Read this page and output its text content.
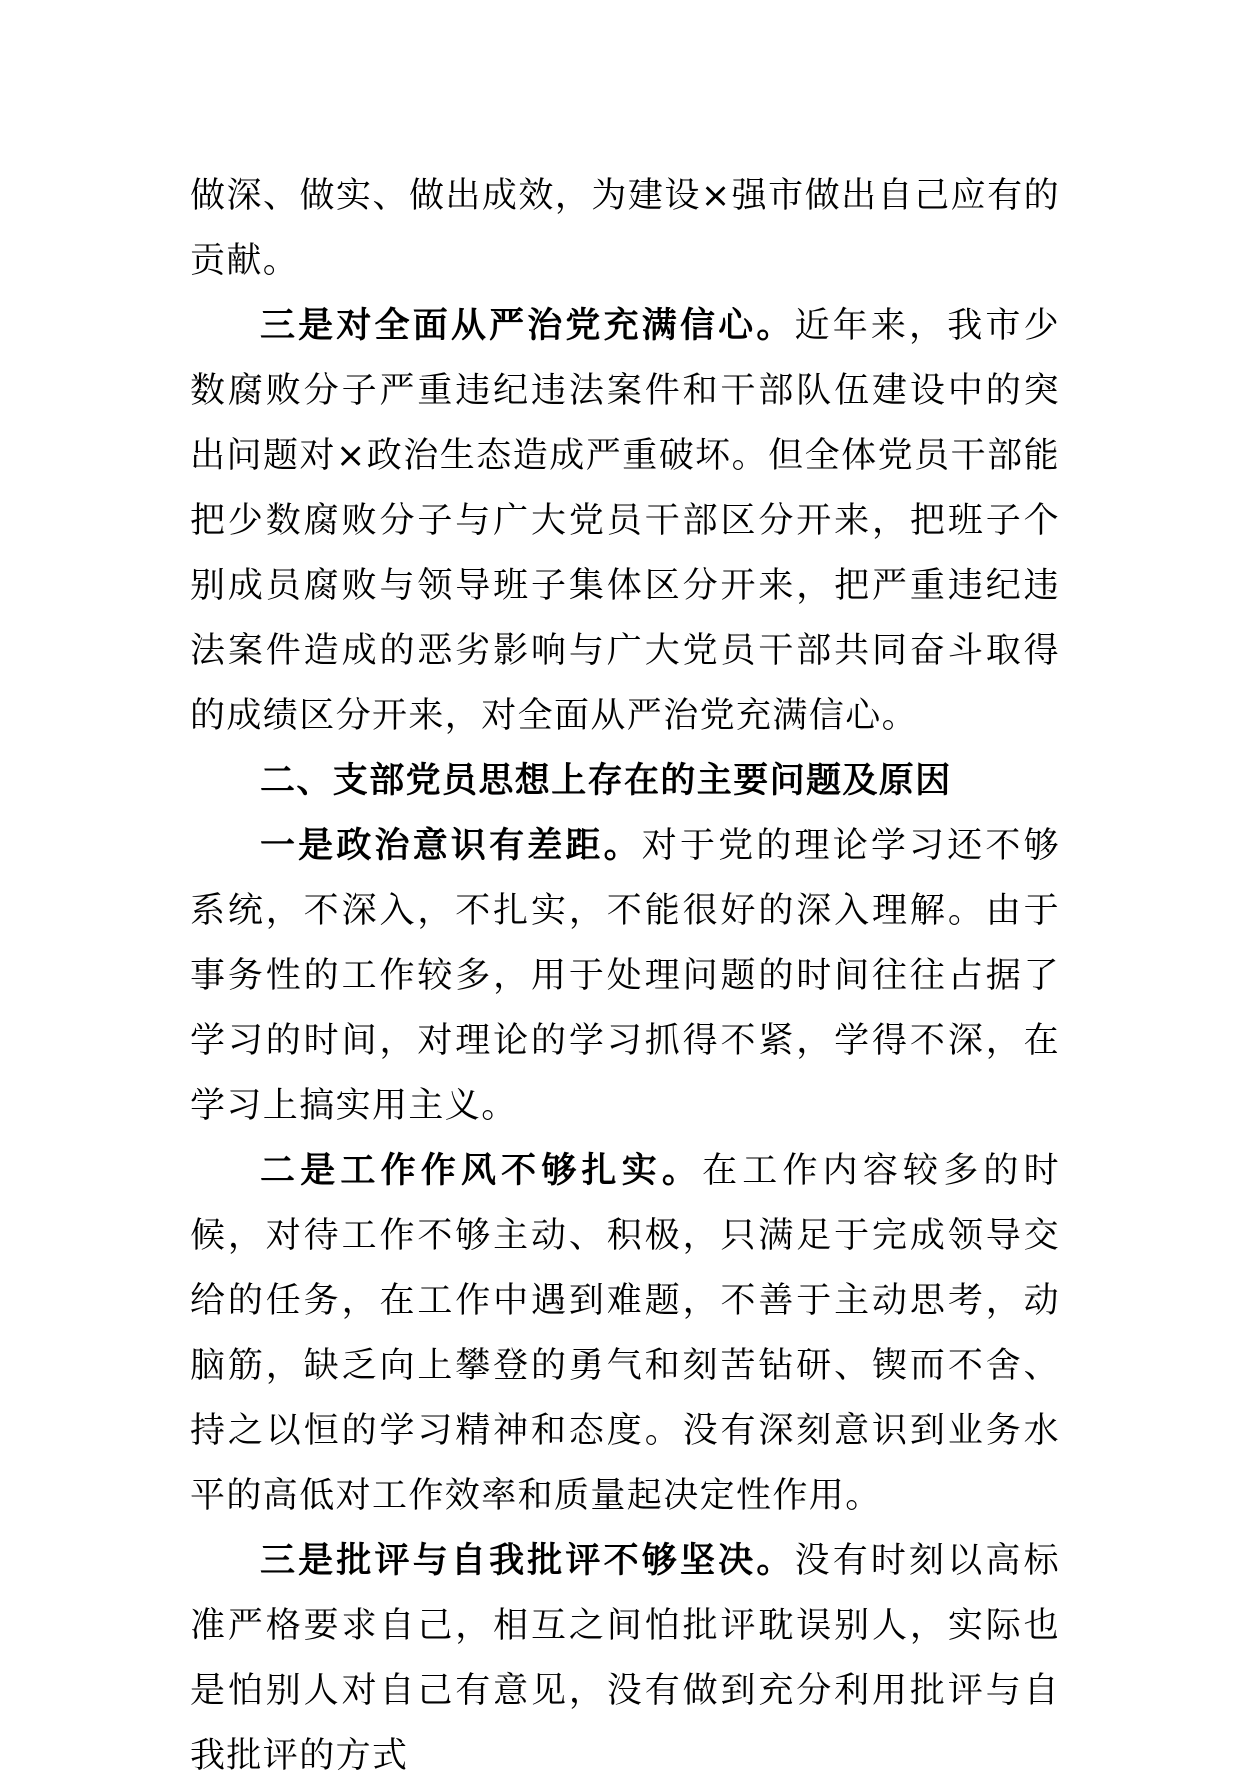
做深、做实、做出成效，为建设×强市做出自己应有的贡献。

三是对全面从严治党充满信心。近年来，我市少数腐败分子严重违纪违法案件和干部队伍建设中的突出问题对×政治生态造成严重破坏。但全体党员干部能把少数腐败分子与广大党员干部区分开来，把班子个别成员腐败与领导班子集体区分开来，把严重违纪违法案件造成的恶劣影响与广大党员干部共同奋斗取得的成绩区分开来，对全面从严治党充满信心。

二、支部党员思想上存在的主要问题及原因

一是政治意识有差距。对于党的理论学习还不够系统，不深入，不扎实，不能很好的深入理解。由于事务性的工作较多，用于处理问题的时间往往占据了学习的时间，对理论的学习抓得不紧，学得不深，在学习上搞实用主义。

二是工作作风不够扎实。在工作内容较多的时候，对待工作不够主动、积极，只满足于完成领导交给的任务，在工作中遇到难题，不善于主动思考，动脑筋，缺乏向上攀登的勇气和刻苦钻研、锲而不舍、持之以恒的学习精神和态度。没有深刻意识到业务水平的高低对工作效率和质量起决定性作用。

三是批评与自我批评不够坚决。没有时刻以高标准严格要求自己，相互之间怕批评耽误别人，实际也是怕别人对自己有意见，没有做到充分利用批评与自我批评的方式
